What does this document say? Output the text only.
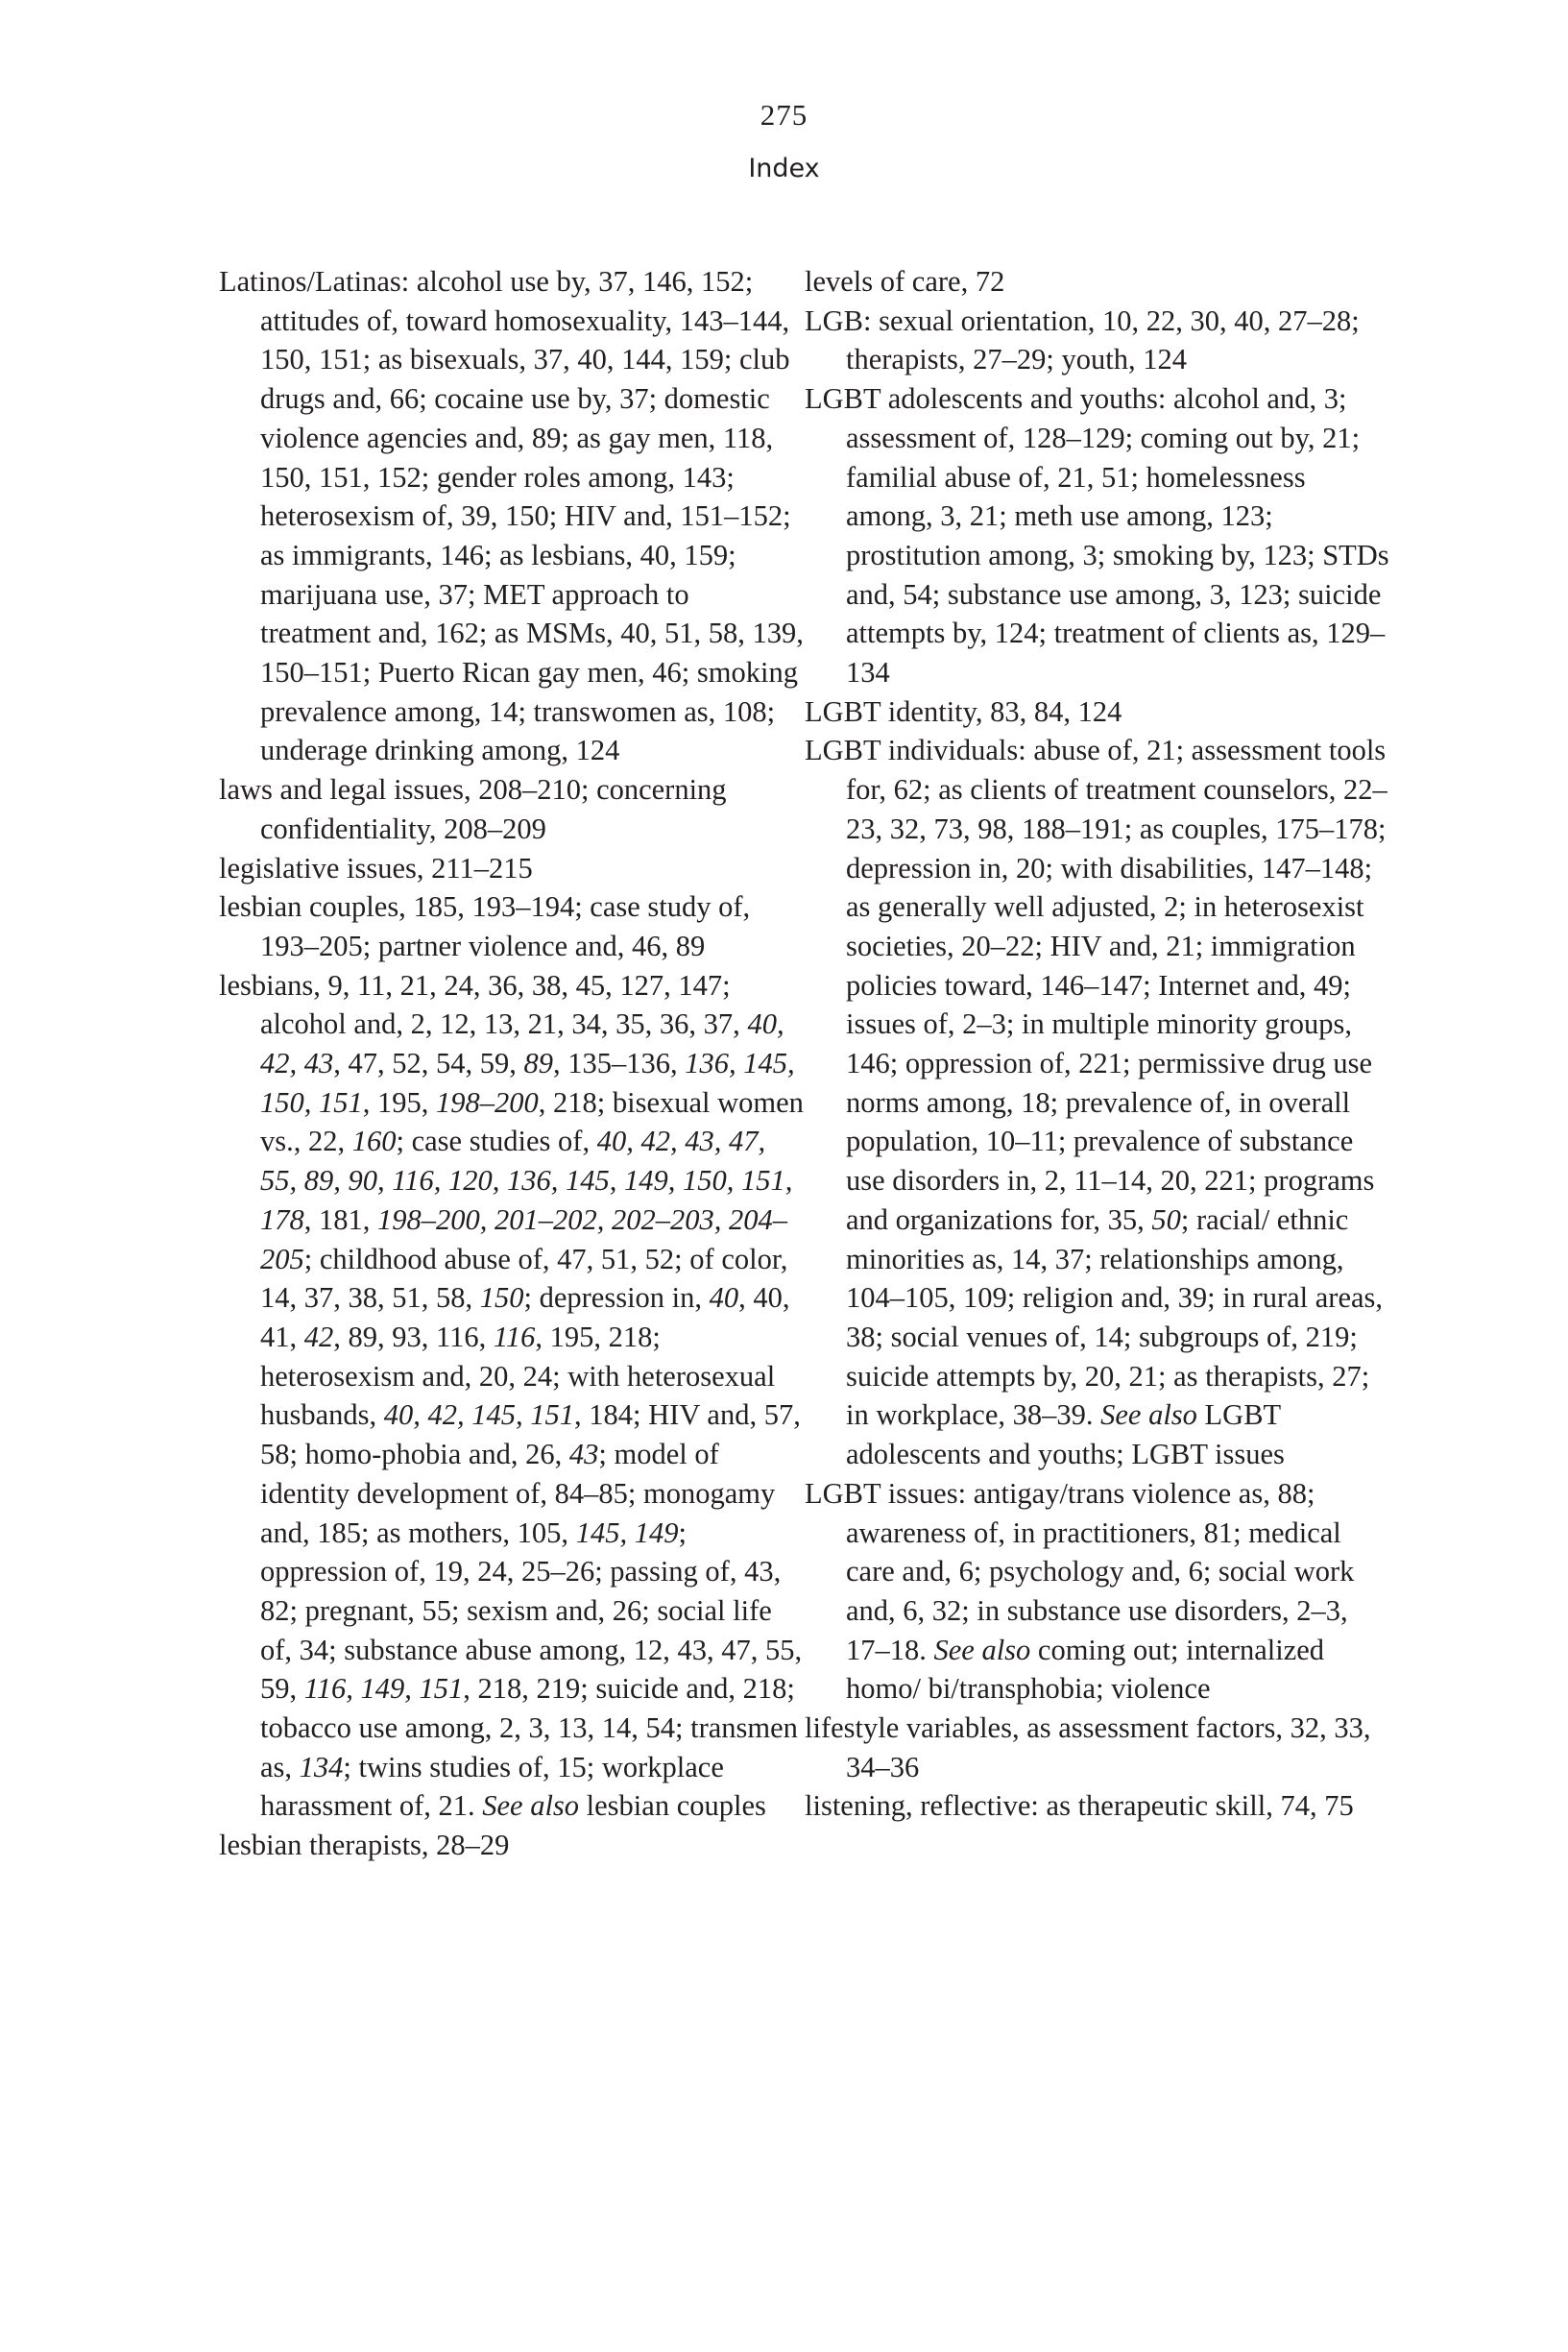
275
Index

Latinos/Latinas: alcohol use by, 37, 146, 152; attitudes of, toward homosexuality, 143–144, 150, 151; as bisexuals, 37, 40, 144, 159; club drugs and, 66; cocaine use by, 37; domestic violence agencies and, 89; as gay men, 118, 150, 151, 152; gender roles among, 143; heterosexism of, 39, 150; HIV and, 151–152; as immigrants, 146; as lesbians, 40, 159; marijuana use, 37; MET approach to treatment and, 162; as MSMs, 40, 51, 58, 139, 150–151; Puerto Rican gay men, 46; smoking prevalence among, 14; transwomen as, 108; underage drinking among, 124

laws and legal issues, 208–210; concerning confidentiality, 208–209

legislative issues, 211–215

lesbian couples, 185, 193–194; case study of, 193–205; partner violence and, 46, 89

lesbians, 9, 11, 21, 24, 36, 38, 45, 127, 147; alcohol and, 2, 12, 13, 21, 34, 35, 36, 37, 40, 42, 43, 47, 52, 54, 59, 89, 135–136, 136, 145, 150, 151, 195, 198–200, 218; bisexual women vs., 22, 160; case studies of, 40, 42, 43, 47, 55, 89, 90, 116, 120, 136, 145, 149, 150, 151, 178, 181, 198–200, 201–202, 202–203, 204–205; childhood abuse of, 47, 51, 52; of color, 14, 37, 38, 51, 58, 150; depression in, 40, 40, 41, 42, 89, 93, 116, 116, 195, 218; heterosexism and, 20, 24; with heterosexual husbands, 40, 42, 145, 151, 184; HIV and, 57, 58; homo-phobia and, 26, 43; model of identity development of, 84–85; monogamy and, 185; as mothers, 105, 145, 149; oppression of, 19, 24, 25–26; passing of, 43, 82; pregnant, 55; sexism and, 26; social life of, 34; substance abuse among, 12, 43, 47, 55, 59, 116, 149, 151, 218, 219; suicide and, 218; tobacco use among, 2, 3, 13, 14, 54; transmen as, 134; twins studies of, 15; workplace harassment of, 21. See also lesbian couples

lesbian therapists, 28–29

levels of care, 72

LGB: sexual orientation, 10, 22, 30, 40, 27–28; therapists, 27–29; youth, 124

LGBT adolescents and youths: alcohol and, 3; assessment of, 128–129; coming out by, 21; familial abuse of, 21, 51; homelessness among, 3, 21; meth use among, 123; prostitution among, 3; smoking by, 123; STDs and, 54; substance use among, 3, 123; suicide attempts by, 124; treatment of clients as, 129–134

LGBT identity, 83, 84, 124

LGBT individuals: abuse of, 21; assessment tools for, 62; as clients of treatment counselors, 22–23, 32, 73, 98, 188–191; as couples, 175–178; depression in, 20; with disabilities, 147–148; as generally well adjusted, 2; in heterosexist societies, 20–22; HIV and, 21; immigration policies toward, 146–147; Internet and, 49; issues of, 2–3; in multiple minority groups, 146; oppression of, 221; permissive drug use norms among, 18; prevalence of, in overall population, 10–11; prevalence of substance use disorders in, 2, 11–14, 20, 221; programs and organizations for, 35, 50; racial/ ethnic minorities as, 14, 37; relationships among, 104–105, 109; religion and, 39; in rural areas, 38; social venues of, 14; subgroups of, 219; suicide attempts by, 20, 21; as therapists, 27; in workplace, 38–39. See also LGBT adolescents and youths; LGBT issues

LGBT issues: antigay/trans violence as, 88; awareness of, in practitioners, 81; medical care and, 6; psychology and, 6; social work and, 6, 32; in substance use disorders, 2–3, 17–18. See also coming out; internalized homo/ bi/transphobia; violence

lifestyle variables, as assessment factors, 32, 33, 34–36

listening, reflective: as therapeutic skill, 74, 75
